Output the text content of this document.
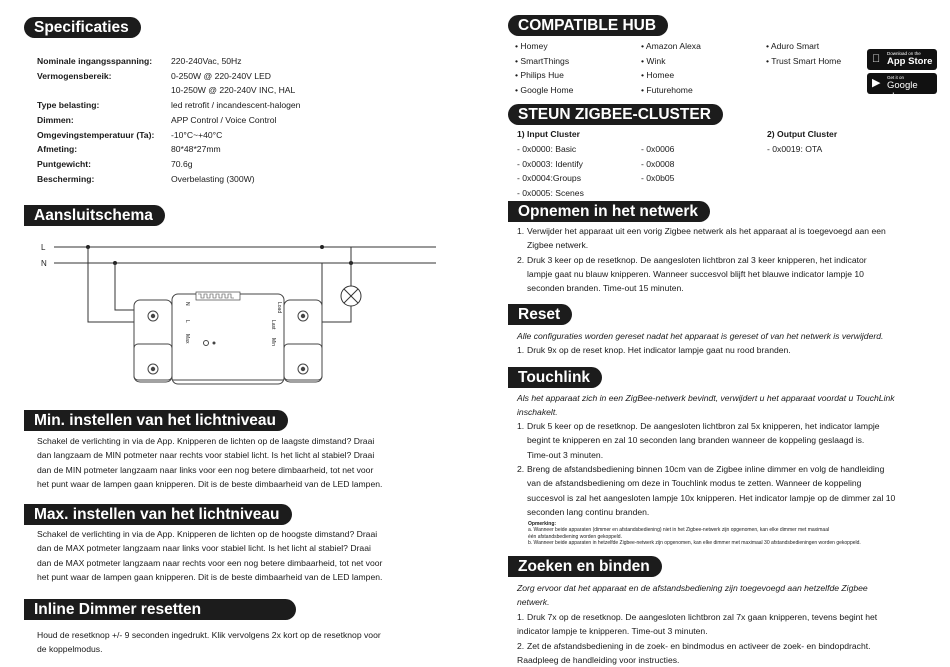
Specificaties
Nominale ingangsspanning: 220-240Vac, 50Hz
Vermogensbereik:	0-250W @ 220-240V LED
10-250W @ 220-240V INC, HAL
Type belasting:	led retrofit / incandescent-halogen
Dimmen:	APP Control / Voice Control
Omgevingstemperatuur (Ta): -10°C~+40°C
Afmeting:	80*48*27mm
Puntgewicht:	70.6g
Bescherming:	Overbelasting (300W)
Aansluitschema
L
N
N
L
Max
Load
Last
Min
Min. instellen van het lichtniveau
Schakel de verlichting in via de App. Knipperen de lichten op de laagste dimstand? Draai
dan langzaam de MIN potmeter naar rechts voor stabiel licht. Is het licht al stabiel? Draai
dan de MIN potmeter langzaam naar links voor een nog betere dimbaarheid, tot net voor
het punt waar de lampen gaan knipperen. Dit is de beste dimbaarheid van de LED lampen.
Max. instellen van het lichtniveau
Schakel de verlichting in via de App. Knipperen de lichten op de hoogste dimstand? Draai
dan de MAX potmeter langzaam naar links voor stabiel licht. Is het licht al stabiel? Draai
dan de MAX potmeter langzaam naar rechts voor een nog betere dimbaarheid, tot net voor
het punt waar de lampen gaan knipperen. Dit is de beste dimbaarheid van de LED lampen.
Inline Dimmer resetten
Houd de resetknop +/- 9 seconden ingedrukt. Klik vervolgens 2x kort op de resetknop voor
de koppelmodus.
COMPATIBLE HUB
• Homey
• SmartThings
• Philips Hue
• Google Home
• Amazon Alexa
• Wink
• Homee
• Futurehome
• Aduro Smart
• Trust Smart Home
Download on the
App Store
▶ Get it on
Google play
STEUN ZIGBEE-CLUSTER
1) Input Cluster	2) Output Cluster
- 0x0000: Basic
- 0x0003: Identify
- 0x0004:Groups
- 0x0005: Scenes
- 0x0006
- 0x0008
- 0x0b05
- 0x0019: OTA
Opnemen in het netwerk
1. Verwijder het apparaat uit een vorig Zigbee netwerk als het apparaat al is toegevoegd aan een
Zigbee netwerk.
2. Druk 3 keer op de resetknop. De aangesloten lichtbron zal 3 keer knipperen, het indicator
lampje gaat nu blauw knipperen. Wanneer succesvol blijft het blauwe indicator lampje 10
seconden branden. Time-out 15 minuten.
Reset
Alle configuraties worden gereset nadat het apparaat is gereset of van het netwerk is verwijderd.
1. Druk 9x op de reset knop. Het indicator lampje gaat nu rood branden.
Touchlink
Als het apparaat zich in een ZigBee-netwerk bevindt, verwijdert u het apparaat voordat u TouchLink
inschakelt.
1. Druk 5 keer op de resetknop. De aangesloten lichtbron zal 5x knipperen, het indicator lampje
begint te knipperen en zal 10 seconden lang branden wanneer de koppeling geslaagd is.
Time-out 3 minuten.
2. Breng de afstandsbediening binnen 10cm van de Zigbee inline dimmer en volg de handleiding
van de afstandsbediening om deze in Touchlink modus te zetten. Wanneer de koppeling
succesvol is zal het aangesloten lampje 10x knipperen. Het indicator lampje op de dimmer zal 10
seconden lang continu branden.
Opmerking:
a. Wanneer beide apparaten (dimmer en afstandsbediening) niet in het Zigbee-netwerk zijn opgenomen, kan elke dimmer met maximaal
één afstandsbediening worden gekoppeld.
b. Wanneer beide apparaten in hetzelfde Zigbee-netwerk zijn opgenomen, kan elke dimmer met maximaal 30 afstandsbedieningen worden gekoppeld.
Zoeken en binden
Zorg ervoor dat het apparaat en de afstandsbediening zijn toegevoegd aan hetzelfde Zigbee
netwerk.
1. Druk 7x op de resetknop. De aangesloten lichtbron zal 7x gaan knipperen, tevens begint het
indicator lampje te knipperen. Time-out 3 minuten.
2. Zet de afstandsbediening in de zoek- en bindmodus en activeer de zoek- en bindopdracht.
Raadpleeg de handleiding voor instructies.
